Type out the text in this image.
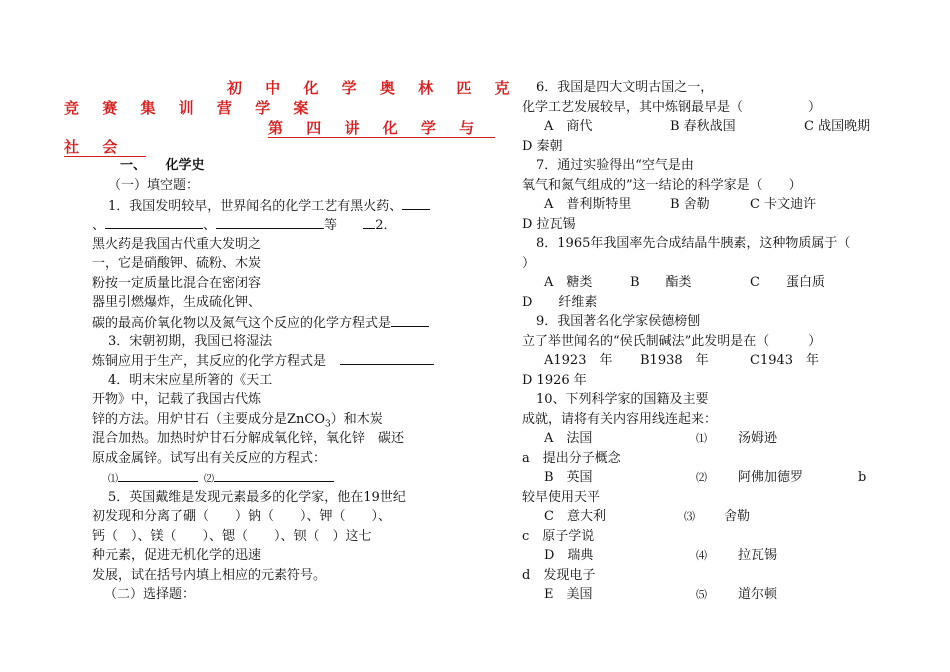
初 中 化 学 奥 林 匹 克
竞 赛 集 训 营 学 案
第 四 讲 化 学 与
社 会
一、　　化学史
（一）填空题：
1．我国发明较早，世界闻名的化学工艺有黑火药、
、	、	等	2．
黑火药是我国古代重大发明之
一，它是硝酸钾、硫粉、木炭
粉按一定质量比混合在密闭容
器里引燃爆炸，生成硫化钾、
碳的最高价氧化物以及氮气这个反应的化学方程式是
3．宋朝初期，我国已将湿法
炼铜应用于生产，其反应的化学方程式是
4．明末宋应星所箸的《天工
开物》中，记载了我国古代炼
锌的方法。用炉甘石（主要成分是ZnCO$_3$）和木炭
混合加热。加热时炉甘石分解成氧化锌，氧化锌　碳还
原成金属锌。试写出有关反应的方程式：
⑴	⑵
5．英国戴维是发现元素最多的化学家，他在19世纪
初发现和分离了硼（　　）钠（　　）、钾（　　）、
钙（　）、镁（　　）、锶（　　）、钡（　）这七
种元素，促进无机化学的迅速
发展，试在括号内填上相应的元素符号。
（二）选择题：
6．我国是四大文明古国之一，
化学工艺发展较早，其中炼钢最早是（　　　　　）
A　商代	B 春秋战国	C 战国晚期
D 秦朝
7．通过实验得出“空气是由
氧气和氮气组成的”这一结论的科学家是（　　）
A　普利斯特里	B 舍勒	C 卡文迪许
D 拉瓦锡
8．1965年我国率先合成结晶牛胰素，这种物质属于（
）
A　糖类	B　　酯类	C　　蛋白质
D　　纤维素
9．我国著名化学家侯德榜刨
立了举世闻名的“侯氏制碱法”此发明是在（　　　）
A1923　年 B1938　年	C1943　年
D 1926 年
10、下列科学家的国籍及主要
成就，请将有关内容用线连起来：
A　法国	⑴ 汤姆逊
a　提出分子概念
B　英国	⑵ 阿佛加德罗	b
较早使用天平
C　意大利	⑶ 舍勒
c　原子学说
D　瑞典	⑷ 拉瓦锡
d　发现电子
E　美国	⑸ 道尔顿
